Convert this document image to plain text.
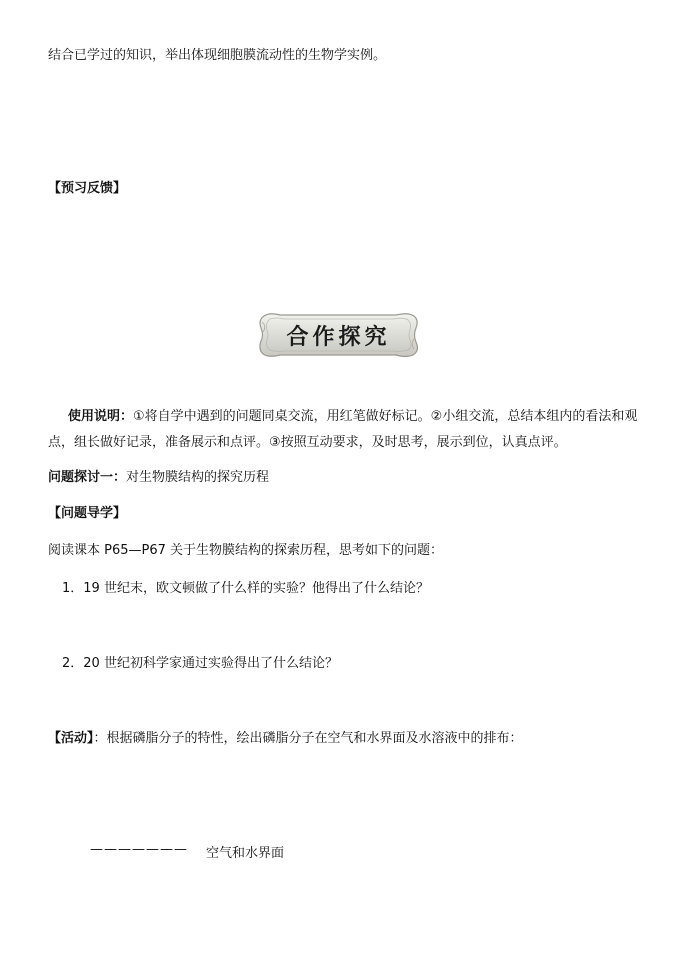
结合已学过的知识，举出体现细胞膜流动性的生物学实例。
【预习反馈】
合作探究
使用说明：①将自学中遇到的问题同桌交流，用红笔做好标记。②小组交流，总结本组内的看法和观点，组长做好记录，准备展示和点评。③按照互动要求，及时思考，展示到位，认真点评。
问题探讨一：对生物膜结构的探究历程
【问题导学】
阅读课本 P65—P67 关于生物膜结构的探索历程，思考如下的问题：
1．19 世纪末，欧文顿做了什么样的实验？他得出了什么结论？
2．20 世纪初科学家通过实验得出了什么结论？
【活动】：根据磷脂分子的特性，绘出磷脂分子在空气和水界面及水溶液中的排布：
——————— 空气和水界面
